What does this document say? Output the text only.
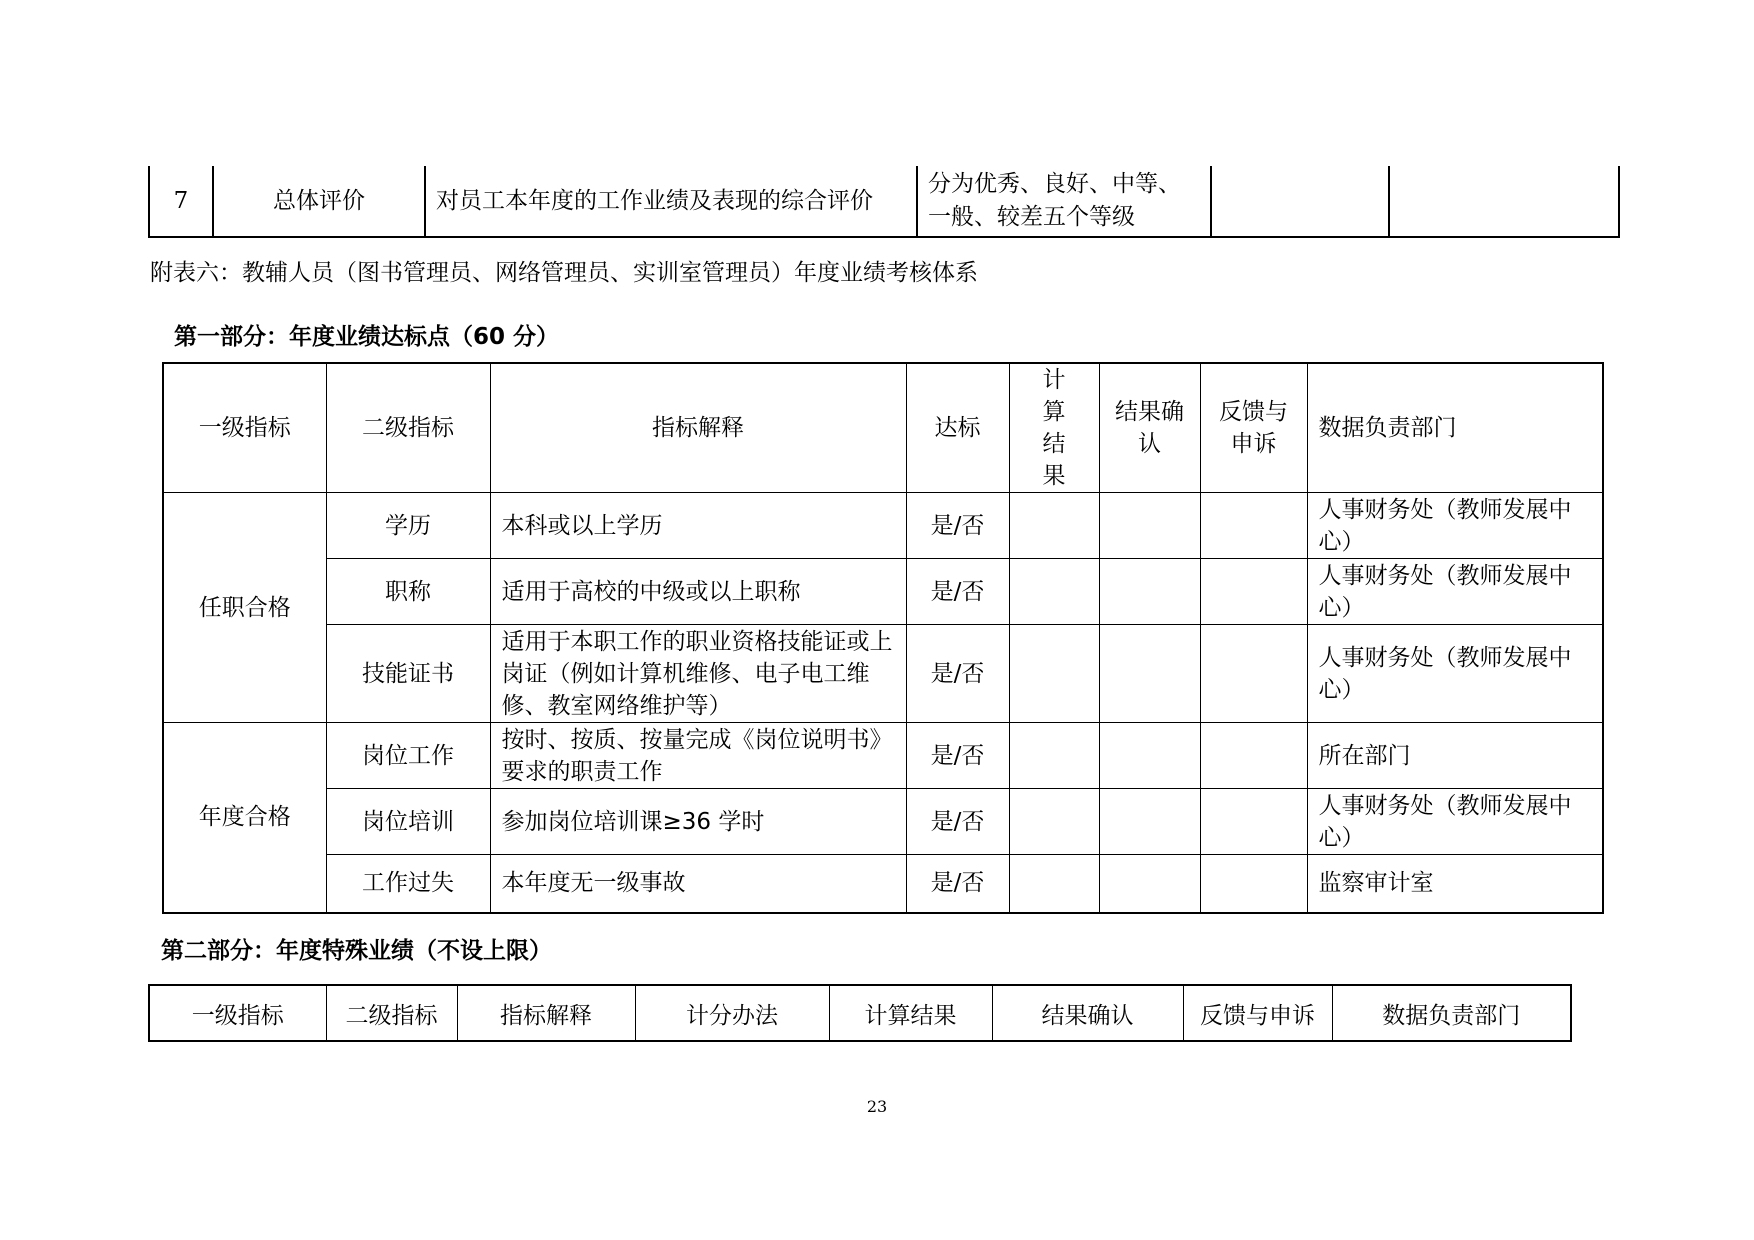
7	总体评价	对员工本年度的工作业绩及表现的综合评价	分为优秀、良好、中等、一般、较差五个等级		
附表六：教辅人员（图书管理员、网络管理员、实训室管理员）年度业绩考核体系
第一部分：年度业绩达标点（60 分）
一级指标	二级指标	指标解释	达标	计算结果	结果确认	反馈与申诉	数据负责部门
任职合格	学历	本科或以上学历	是/否				人事财务处（教师发展中心）
	职称	适用于高校的中级或以上职称	是/否				人事财务处（教师发展中心）
	技能证书	适用于本职工作的职业资格技能证或上岗证（例如计算机维修、电子电工维修、教室网络维护等）	是/否				人事财务处（教师发展中心）
年度合格	岗位工作	按时、按质、按量完成《岗位说明书》要求的职责工作	是/否				所在部门
	岗位培训	参加岗位培训课≥36 学时	是/否				人事财务处（教师发展中心）
	工作过失	本年度无一级事故	是/否				监察审计室
第二部分：年度特殊业绩（不设上限）
一级指标	二级指标	指标解释	计分办法	计算结果	结果确认	反馈与申诉	数据负责部门
23
